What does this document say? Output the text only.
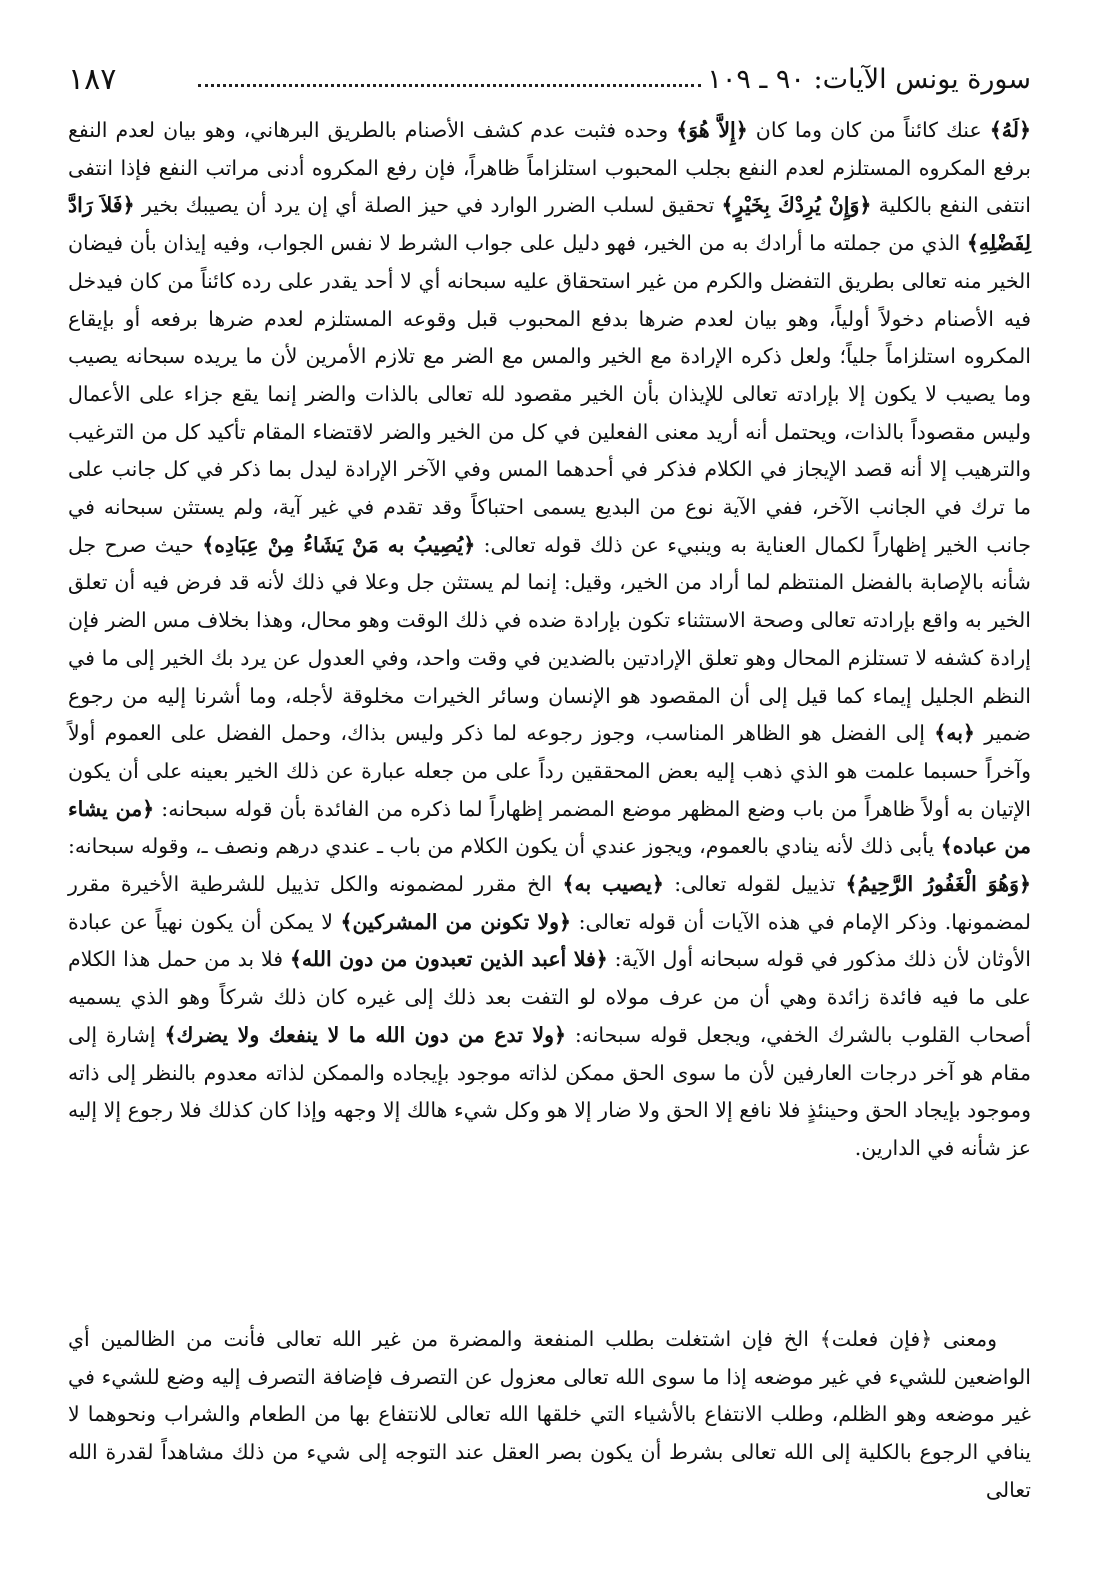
سورة يونس الآيات: ٩٠ ـ ١٠٩
١٨٧

﴿لَهُ﴾ عنك كائناً من كان وما كان ﴿إِلاَّ هُوَ﴾ وحده فثبت عدم كشف الأصنام بالطريق البرهاني، وهو بيان لعدم النفع برفع المكروه المستلزم لعدم النفع بجلب المحبوب استلزاماً ظاهراً، فإن رفع المكروه أدنى مراتب النفع فإذا انتفى انتفى النفع بالكلية ﴿وَإِنْ يُرِدْكَ بِخَيْرٍ﴾ تحقيق لسلب الضرر الوارد في حيز الصلة أي إن يرد أن يصيبك بخير ﴿فَلاَ رَادَّ لِفَضْلِهِ﴾ الذي من جملته ما أرادك به من الخير، فهو دليل على جواب الشرط لا نفس الجواب، وفيه إيذان بأن فيضان الخير منه تعالى بطريق التفضل والكرم من غير استحقاق عليه سبحانه أي لا أحد يقدر على رده كائناً من كان فيدخل فيه الأصنام دخولاً أولياً، وهو بيان لعدم ضرها بدفع المحبوب قبل وقوعه المستلزم لعدم ضرها برفعه أو بإيقاع المكروه استلزاماً جلياً؛ ولعل ذكره الإرادة مع الخير والمس مع الضر مع تلازم الأمرين لأن ما يريده سبحانه يصيب وما يصيب لا يكون إلا بإرادته تعالى للإيذان بأن الخير مقصود لله تعالى بالذات والضر إنما يقع جزاء على الأعمال وليس مقصوداً بالذات، ويحتمل أنه أريد معنى الفعلين في كل من الخير والضر لاقتضاء المقام تأكيد كل من الترغيب والترهيب إلا أنه قصد الإيجاز في الكلام فذكر في أحدهما المس وفي الآخر الإرادة ليدل بما ذكر في كل جانب على ما ترك في الجانب الآخر، ففي الآية نوع من البديع يسمى احتباكاً وقد تقدم في غير آية، ولم يستثن سبحانه في جانب الخير إظهاراً لكمال العناية به وينبيء عن ذلك قوله تعالى: ﴿يُصِيبُ به مَنْ يَشَاءُ مِنْ عِبَادِه﴾ حيث صرح جل شأنه بالإصابة بالفضل المنتظم لما أراد من الخير، وقيل: إنما لم يستثن جل وعلا في ذلك لأنه قد فرض فيه أن تعلق الخير به واقع بإرادته تعالى وصحة الاستثناء تكون بإرادة ضده في ذلك الوقت وهو محال، وهذا بخلاف مس الضر فإن إرادة كشفه لا تستلزم المحال وهو تعلق الإرادتين بالضدين في وقت واحد، وفي العدول عن يرد بك الخير إلى ما في النظم الجليل إيماء كما قيل إلى أن المقصود هو الإنسان وسائر الخيرات مخلوقة لأجله، وما أشرنا إليه من رجوع ضمير ﴿به﴾ إلى الفضل هو الظاهر المناسب، وجوز رجوعه لما ذكر وليس بذاك، وحمل الفضل على العموم أولاً وآخراً حسبما علمت هو الذي ذهب إليه بعض المحققين رداً على من جعله عبارة عن ذلك الخير بعينه على أن يكون الإتيان به أولاً ظاهراً من باب وضع المظهر موضع المضمر إظهاراً لما ذكره من الفائدة بأن قوله سبحانه: ﴿من يشاء من عباده﴾ يأبى ذلك لأنه ينادي بالعموم، ويجوز عندي أن يكون الكلام من باب ـ عندي درهم ونصف ـ، وقوله سبحانه: ﴿وَهُوَ الْغَفُورُ الرَّحِيمُ﴾ تذييل لقوله تعالى: ﴿يصيب به﴾ الخ مقرر لمضمونه والكل تذييل للشرطية الأخيرة مقرر لمضمونها. وذكر الإمام في هذه الآيات أن قوله تعالى: ﴿ولا تكونن من المشركين﴾ لا يمكن أن يكون نهياً عن عبادة الأوثان لأن ذلك مذكور في قوله سبحانه أول الآية: ﴿فلا أعبد الذين تعبدون من دون الله﴾ فلا بد من حمل هذا الكلام على ما فيه فائدة زائدة وهي أن من عرف مولاه لو التفت بعد ذلك إلى غيره كان ذلك شركاً وهو الذي يسميه أصحاب القلوب بالشرك الخفي، ويجعل قوله سبحانه: ﴿ولا تدع من دون الله ما لا ينفعك ولا يضرك﴾ إشارة إلى مقام هو آخر درجات العارفين لأن ما سوى الحق ممكن لذاته موجود بإيجاده والممكن لذاته معدوم بالنظر إلى ذاته وموجود بإيجاد الحق وحينئذٍ فلا نافع إلا الحق ولا ضار إلا هو وكل شيء هالك إلا وجهه وإذا كان كذلك فلا رجوع إلا إليه عز شأنه في الدارين.

ومعنى ﴿فإن فعلت﴾ الخ فإن اشتغلت بطلب المنفعة والمضرة من غير الله تعالى فأنت من الظالمين أي الواضعين للشيء في غير موضعه إذا ما سوى الله تعالى معزول عن التصرف فإضافة التصرف إليه وضع للشيء في غير موضعه وهو الظلم، وطلب الانتفاع بالأشياء التي خلقها الله تعالى للانتفاع بها من الطعام والشراب ونحوهما لا ينافي الرجوع بالكلية إلى الله تعالى بشرط أن يكون بصر العقل عند التوجه إلى شيء من ذلك مشاهداً لقدرة الله تعالى
